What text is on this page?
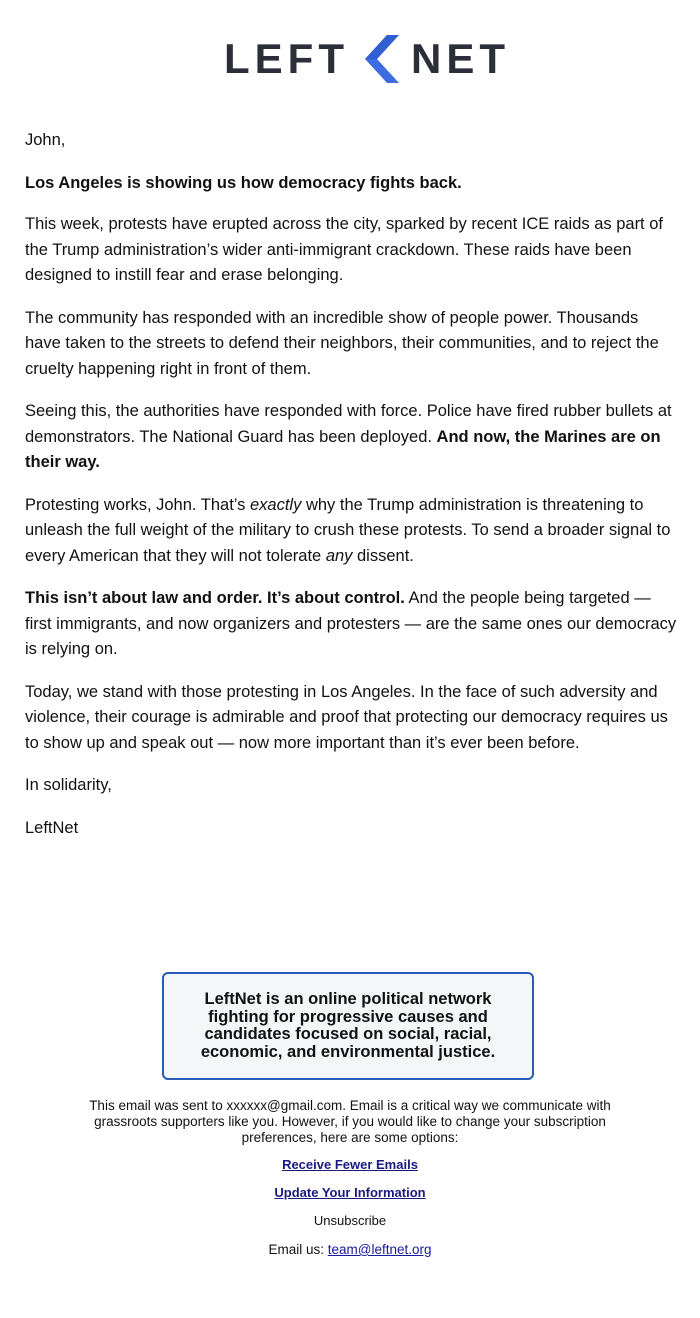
LEFT NET

John,

Los Angeles is showing us how democracy fights back.

This week, protests have erupted across the city, sparked by recent ICE raids as part of the Trump administration’s wider anti-immigrant crackdown. These raids have been designed to instill fear and erase belonging.

The community has responded with an incredible show of people power. Thousands have taken to the streets to defend their neighbors, their communities, and to reject the cruelty happening right in front of them.

Seeing this, the authorities have responded with force. Police have fired rubber bullets at demonstrators. The National Guard has been deployed. And now, the Marines are on their way.

Protesting works, John. That’s exactly why the Trump administration is threatening to unleash the full weight of the military to crush these protests. To send a broader signal to every American that they will not tolerate any dissent.

This isn’t about law and order. It’s about control. And the people being targeted — first immigrants, and now organizers and protesters — are the same ones our democracy is relying on.

Today, we stand with those protesting in Los Angeles. In the face of such adversity and violence, their courage is admirable and proof that protecting our democracy requires us to show up and speak out — now more important than it’s ever been before.

In solidarity,

LeftNet

LeftNet is an online political network fighting for progressive causes and candidates focused on social, racial, economic, and environmental justice.
This email was sent to xxxxxx@gmail.com. Email is a critical way we communicate with grassroots supporters like you. However, if you would like to change your subscription preferences, here are some options:
Receive Fewer Emails
Update Your Information
Unsubscribe
Email us: team@leftnet.org
